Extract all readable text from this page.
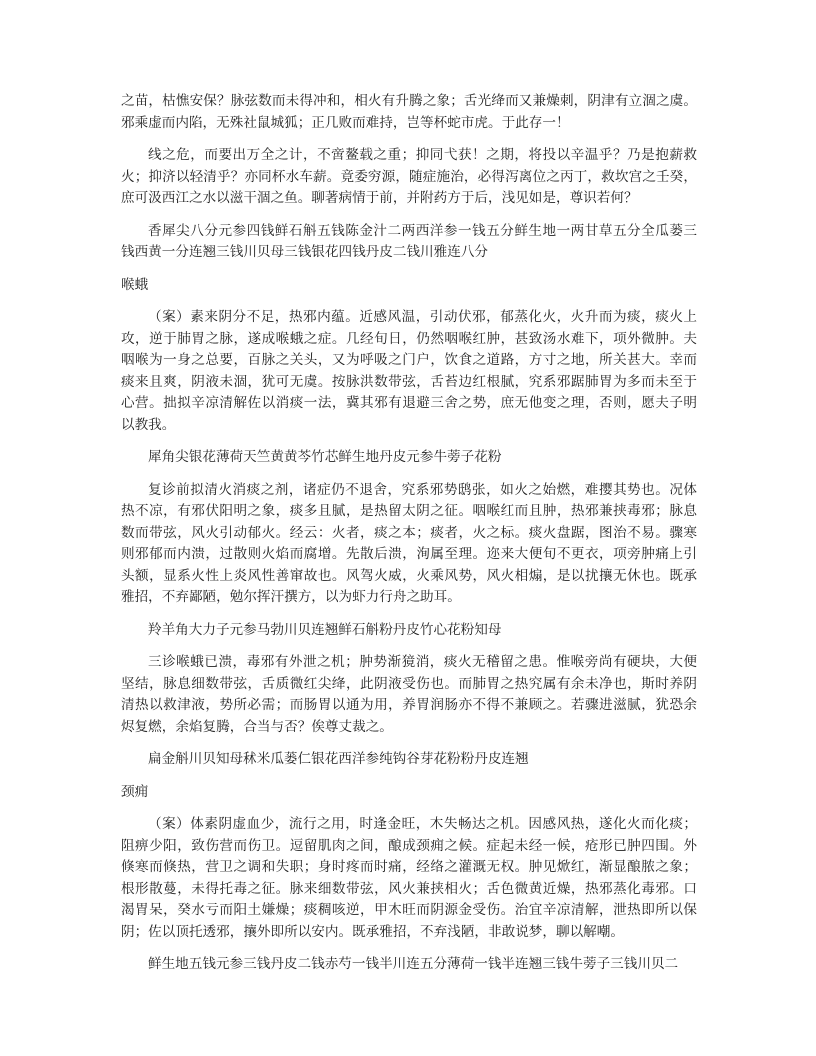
之苗，枯憔安保？脉弦数而未得冲和，相火有升腾之象；舌光绛而又兼燥刺，阴津有立涸之虞。
邪乘虚而内陷，无殊社鼠城狐；正几败而难持，岂等杯蛇市虎。于此存一！
线之危，而要出万全之计，不啻鳌载之重；抑同弋获！之期，将投以辛温乎？乃是抱薪救
火；抑济以轻清乎？亦同杯水车薪。竟委穷源，随症施治，必得泻离位之丙丁，救坎宫之壬癸，
庶可汲西江之水以滋干涸之鱼。聊著病情于前，并附药方于后，浅见如是，尊识若何？
香犀尖八分元参四钱鲜石斛五钱陈金汁二两西洋参一钱五分鲜生地一两甘草五分全瓜蒌三
钱西黄一分连翘三钱川贝母三钱银花四钱丹皮二钱川雅连八分
喉蛾
（案）素来阴分不足，热邪内蕴。近感风温，引动伏邪，郁蒸化火，火升而为痰，痰火上
攻，逆于肺胃之脉，遂成喉蛾之症。几经旬日，仍然咽喉红肿，甚致汤水难下，项外微肿。夫
咽喉为一身之总要，百脉之关头，又为呼吸之门户，饮食之道路，方寸之地，所关甚大。幸而
痰来且爽，阴液未涸，犹可无虞。按脉洪数带弦，舌苔边红根腻，究系邪踞肺胃为多而未至于
心营。拙拟辛凉清解佐以消痰一法，冀其邪有退避三舍之势，庶无他变之理，否则，愿夫子明
以教我。
犀角尖银花薄荷天竺黄黄芩竹芯鲜生地丹皮元参牛蒡子花粉
复诊前拟清火消痰之剂，诸症仍不退舍，究系邪势鸱张，如火之始燃，难撄其势也。况体
热不凉，有邪伏阳明之象，痰多且腻，是热留太阴之征。咽喉红而且肿，热邪兼挟毒邪；脉息
数而带弦，风火引动郁火。经云：火者，痰之本；痰者，火之标。痰火盘踞，图治不易。骤寒
则邪郁而内溃，过散则火焰而腐增。先散后溃，洵属至理。迩来大便旬不更衣，项旁肿痛上引
头额，显系火性上炎风性善窜故也。风驾火威，火乘风势，风火相煽，是以扰攘无休也。既承
雅招，不弃鄙陋，勉尔挥汗撰方，以为虾力行舟之助耳。
羚羊角大力子元参马勃川贝连翘鲜石斛粉丹皮竹心花粉知母
三诊喉蛾已溃，毒邪有外泄之机；肿势渐獍消，痰火无稽留之患。惟喉旁尚有硬块，大便
坚结，脉息细数带弦，舌质微红尖绛，此阴液受伤也。而肺胃之热究属有余未净也，斯时养阴
清热以救津液，势所必需；而肠胃以通为用，养胃润肠亦不得不兼顾之。若骤进滋腻，犹恐余
烬复燃，余焰复腾，合当与否？俟尊丈裁之。
扁金斛川贝知母秫米瓜蒌仁银花西洋参纯钩谷芽花粉粉丹皮连翘
颈痈
（案）体素阴虚血少，流行之用，时逢金旺，木失畅达之机。因感风热，遂化火而化痰；
阻痹少阳，致伤营而伤卫。逗留肌肉之间，酿成颈痈之候。症起未经一候，疮形已肿四围。外
倏寒而倏热，营卫之调和失职；身时疼而时痛，经络之灌溉无权。肿见焮红，渐显酿脓之象；
根形散蔓，未得托毒之征。脉来细数带弦，风火兼挟相火；舌色微黄近燥，热邪蒸化毒邪。口
渴胃呆，癸水亏而阳土嫌燥；痰稠咳逆，甲木旺而阴源金受伤。治宜辛凉清解，泄热即所以保
阴；佐以顶托透邪，攘外即所以安内。既承雅招，不弃浅陋，非敢说梦，聊以解嘲。
鲜生地五钱元参三钱丹皮二钱赤芍一钱半川连五分薄荷一钱半连翘三钱牛蒡子三钱川贝二
